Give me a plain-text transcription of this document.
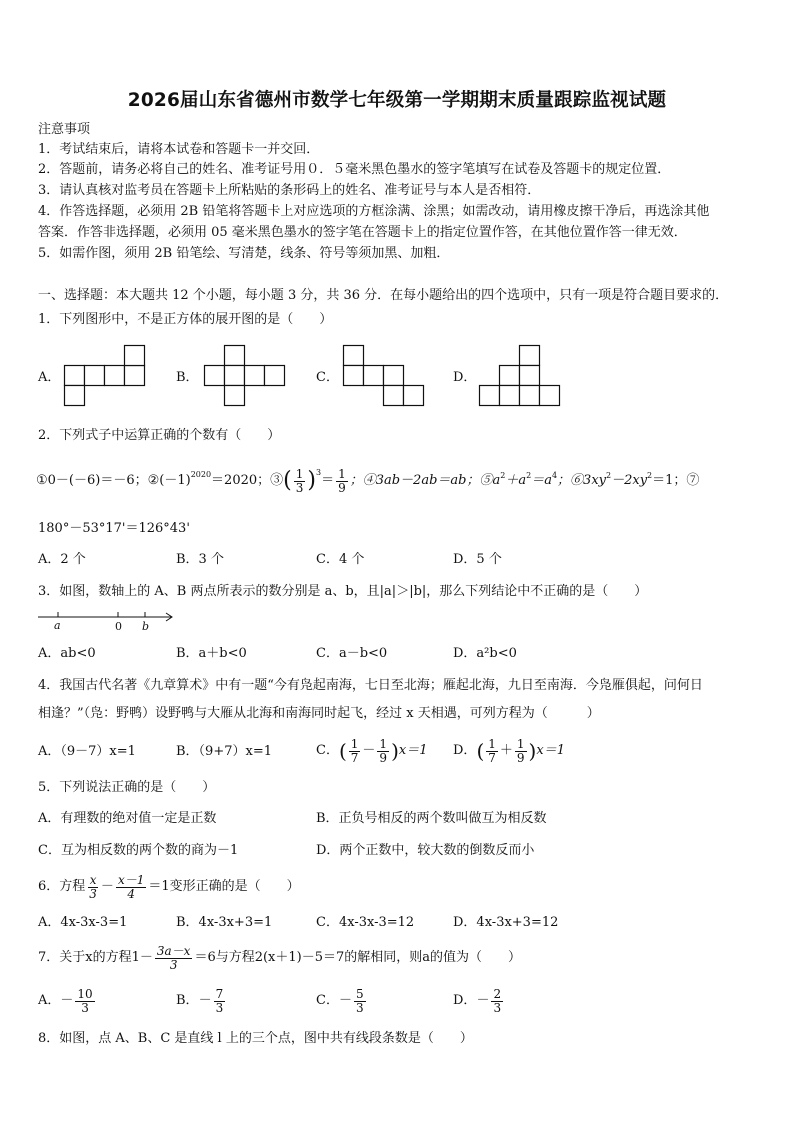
2026届山东省德州市数学七年级第一学期期末质量跟踪监视试题
注意事项
1．考试结束后，请将本试卷和答题卡一并交回．
2．答题前，请务必将自己的姓名、准考证号用０．５毫米黑色墨水的签字笔填写在试卷及答题卡的规定位置．
3．请认真核对监考员在答题卡上所粘贴的条形码上的姓名、准考证号与本人是否相符．
4．作答选择题，必须用 2B 铅笔将答题卡上对应选项的方框涂满、涂黑；如需改动，请用橡皮擦干净后，再选涂其他
答案．作答非选择题，必须用 05 毫米黑色墨水的签字笔在答题卡上的指定位置作答，在其他位置作答一律无效．
5．如需作图，须用 2B 铅笔绘、写清楚，线条、符号等须加黑、加粗．
一、选择题：本大题共 12 个小题，每小题 3 分，共 36 分．在每小题给出的四个选项中，只有一项是符合题目要求的．
1．下列图形中，不是正方体的展开图的是（　　）
A．	B．	C．	D．
2．下列式子中运算正确的个数有（　　）
①0－(－6)＝－6；$②(-1)^{2020} =2020$；③ ( $\frac{1}{3} )^3$
＝ $\frac{1}{9}$ ；④3ab－2ab＝ab；$⑤a^2 +a^2 =a^4$ ；$⑥3xy^2 -2xy^2 =1$；⑦
180°－53°17'＝126°43'
A．2 个	B．3 个	C．4 个	D．5 个
3．如图，数轴上的 A、B 两点所表示的数分别是 a、b，且|a|＞|b|，那么下列结论中不正确的是（　　）
a	0 b
A．ab<0	B．a＋b<0	C．a－b<0	D．a²b<0
4．我国古代名著《九章算术》中有一题“今有凫起南海，七日至北海；雁起北海，九日至南海．今凫雁俱起，问何日
相逢？”（凫：野鸭）设野鸭与大雁从北海和南海同时起飞，经过 x 天相遇，可列方程为（　　　）
A．（9－7）x=1	B．（9+7）x=1	C． ( $\frac{1}{7} - \frac{1}{9}$ ) x＝1 D． ( $\frac{1}{7} + \frac{1}{9}$ ) x＝1
5．下列说法正确的是（　　）
A．有理数的绝对值一定是正数	B．正负号相反的两个数叫做互为相反数
C．互为相反数的两个数的商为－1	D．两个正数中，较大数的倒数反而小
6．方程 $\frac{x}{3} - \frac{x-1}{4} =1$变形正确的是（　　）
A．4x-3x-3=1	B．4x-3x+3=1	C．4x-3x-3=12	D．4x-3x+3=12
7．关于x的方程$1- \frac{3a-x}{3} =6$与方程2(x＋1)－5＝7的解相同，则a的值为（　　）
A． － $\frac{10}{3}$	B． － $\frac{7}{3}$	C． － $\frac{5}{3}$	D． － $\frac{2}{3}$
8．如图，点 A、B、C 是直线 l 上的三个点，图中共有线段条数是（　　）
